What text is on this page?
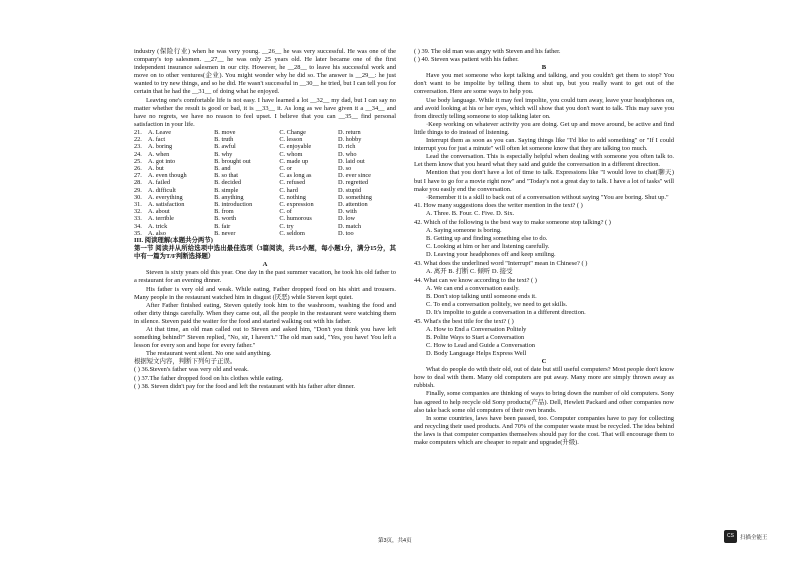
industry (保险行业) when he was very young. __26__ he was very successful. He was one of the company's top salesmen. __27__ he was only 25 years old. He later became one of the first independent insurance salesmen in our city. However, he __28__ to leave his successful work and move on to other ventures(企业). You might wonder why he did so. The answer is __29__: he just wanted to try new things, and so he did. He wasn't successful in __30__ he tried, but I can tell you for certain that he had the __31__ of doing what he enjoyed.

Leaving one's comfortable life is not easy. I have learned a lot __32__ my dad, but I can say no matter whether the result is good or bad, it is __33__ it. As long as we have given it a __34__ and have no regrets, we have no reason to feel upset. I believe that you can __35__ find personal satisfaction in your life.

21.	A. Leave	B. move	C. Change	D. return
22.	A. fact	B. truth	C. lesson	D. hobby
23.	A. boring	B. awful	C. enjoyable	D. rich
24.	A. when	B. why	C. whom	D. who
25.	A. got into	B. brought out	C. made up	D. laid out
26.	A. but	B. and	C. or	D. so
27.	A. even though	B. so that	C. as long as	D. ever since
28.	A. failed	B. decided	C. refused	D. regretted
29.	A. difficult	B. simple	C. hard	D. stupid
30.	A. everything	B. anything	C. nothing	D. something
31.	A. satisfaction	B. introduction	C. expression	D. attention
32.	A. about	B. from	C. of	D. with
33.	A. terrible	B. worth	C. humorous	D. low
34.	A. trick	B. fair	C. try	D. match
35.	A. also	B. never	C. seldom	D. too

III. 阅读理解(本题共分两节)

第一节 阅读并从所给选项中选出最佳选项（3篇阅读，共15小题，每小题1分，满分15分，其中有一篇为T/F判断选择题）

A

Steven is sixty years old this year. One day in the past summer vacation, he took his old father to a restaurant for an evening dinner.

His father is very old and weak. While eating, Father dropped food on his shirt and trousers. Many people in the restaurant watched him in disgust (厌恶) while Steven kept quiet.

After Father finished eating, Steven quietly took him to the washroom, washing the food and other dirty things carefully. When they came out, all the people in the restaurant were watching them in silence. Steven paid the waiter for the food and started walking out with his father.

At that time, an old man called out to Steven and asked him, "Don't you think you have left something behind?" Steven replied, "No, sir, I haven't." The old man said, "Yes, you have! You left a lesson for every son and hope for every father."

The restaurant went silent. No one said anything.

根据短文内容，判断下列句子正误。

( ) 36.Steven's father was very old and weak.

( ) 37.The father dropped food on his clothes while eating.

( ) 38. Steven didn't pay for the food and left the restaurant with his father after dinner.

( ) 39. The old man was angry with Steven and his father.

( ) 40. Steven was patient with his father.

B

Have you met someone who kept talking and talking, and you couldn't get them to stop? You don't want to be impolite by telling them to shut up, but you really want to get out of the conversation. Here are some ways to help you.

Use body language. While it may feel impolite, you could turn away, leave your headphones on, and avoid looking at his or her eyes, which will show that you don't want to talk. This may save you from directly telling someone to stop talking later on.

·Keep working on whatever activity you are doing. Get up and move around, be active and find little things to do instead of listening.

Interrupt them as soon as you can. Saying things like "I'd like to add something" or "If I could interrupt you for just a minute" will often let someone know that they are talking too much.

Lead the conversation. This is especially helpful when dealing with someone you often talk to. Let them know that you heard what they said and guide the conversation in a different direction.

Mention that you don't have a lot of time to talk. Expressions like "I would love to chat(聊天) but I have to go for a movie right now" and "Today's not a great day to talk. I have a lot of tasks" will make you easily end the conversation.

·Remember it is a skill to back out of a conversation without saying "You are boring. Shut up."

41. How many suggestions does the writer mention in the text? ( )

A. Three. B. Four. C. Five. D. Six.

42. Which of the following is the best way to make someone stop talking? ( )

A. Saying someone is boring.

B. Getting up and finding something else to do.

C. Looking at him or her and listening carefully.

D. Leaving your headphones off and keep smiling.

43. What does the underlined word "Interrupt" mean in Chinese? ( )

A. 离开 B. 打断 C. 倾听 D. 接受

44. What can we know according to the text? ( )

A. We can end a conversation easily.

B. Don't stop talking until someone ends it.

C. To end a conversation politely, we need to get skills.

D. It's impolite to guide a conversation in a different direction.

45. What's the best title for the text? ( )

A. How to End a Conversation Politely

B. Polite Ways to Start a Conversation

C. How to Lead and Guide a Conversation

D. Body Language Helps Express Well

C

What do people do with their old, out of date but still useful computers? Most people don't know how to deal with them. Many old computers are put away. Many more are simply thrown away as rubbish.

Finally, some companies are thinking of ways to bring down the number of old computers. Sony has agreed to help recycle old Sony products(产品). Dell, Hewlett Packard and other companies now also take back some old computers of their own brands.

In some countries, laws have been passed, too. Computer companies have to pay for collecting and recycling their used products. And 70% of the computer waste must be recycled. The idea behind the laws is that computer companies themselves should pay for the cost. That will encourage them to make computers which are cheaper to repair and upgrade(升级).

第3页，共4页
CS	扫描全能王
